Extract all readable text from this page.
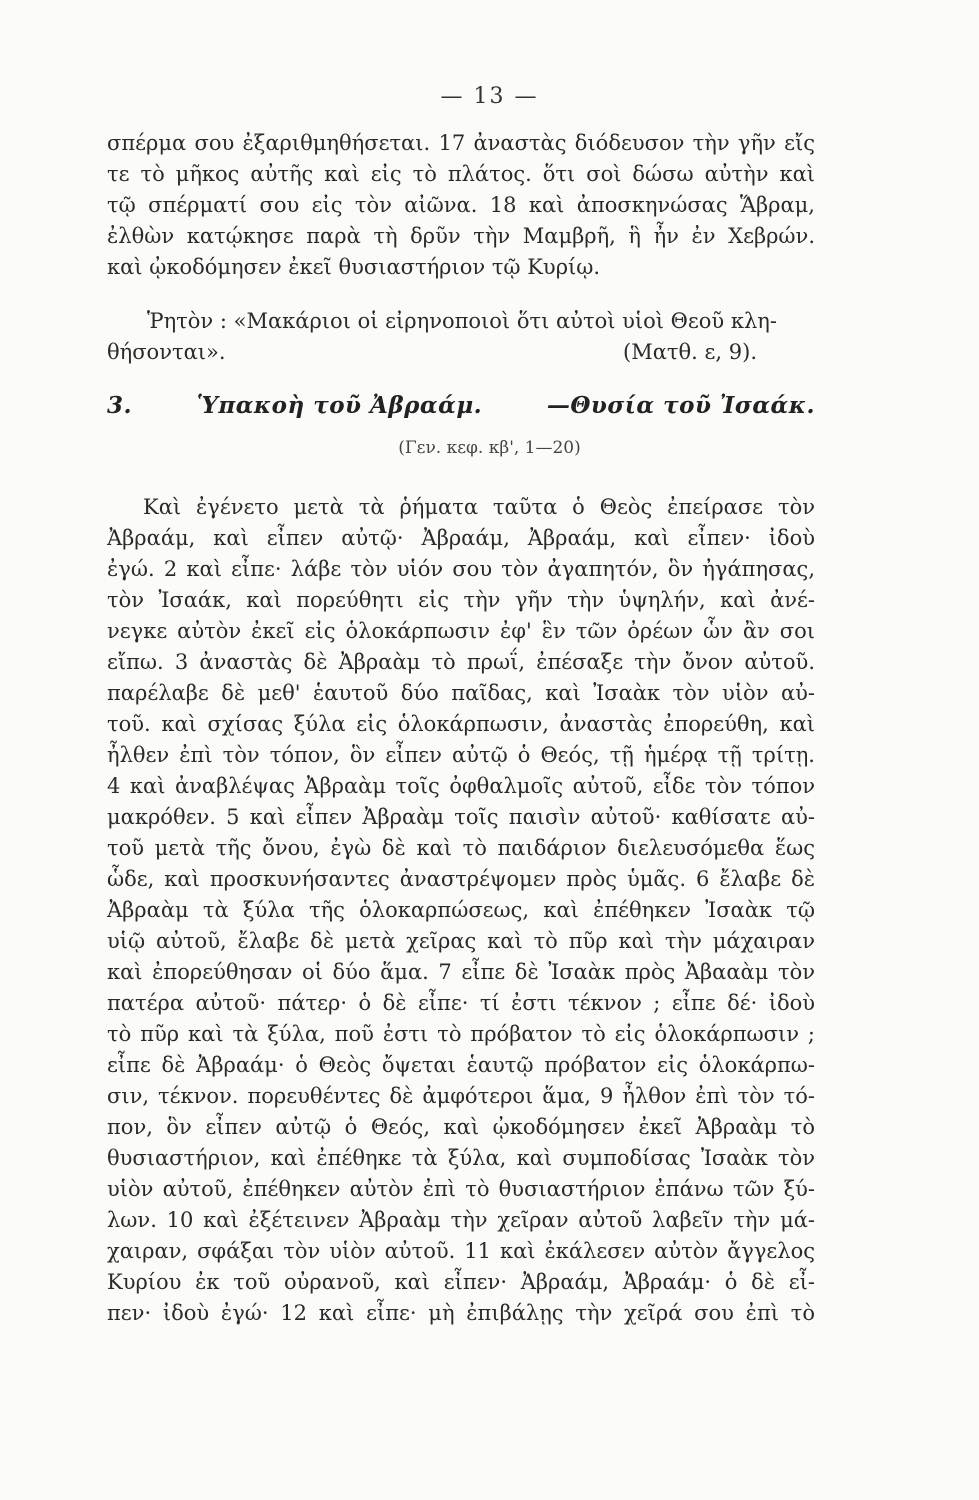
— 13 —
σπέρμα σου ἐξαριθμηθήσεται. 17 ἀναστὰς διόδευσον τὴν γῆν εἴς
τε τὸ μῆκος αὐτῆς καὶ εἰς τὸ πλάτος. ὅτι σοὶ δώσω αὐτὴν καὶ
τῷ σπέρματί σου εἰς τὸν αἰῶνα. 18 καὶ ἀποσκηνώσας Ἅβραμ,
ἐλθὼν κατῴκησε παρὰ τὴ δρῦν τὴν Μαμβρῆ, ἣ ἦν ἐν Χεβρών.
καὶ ᾠκοδόμησεν ἐκεῖ θυσιαστήριον τῷ Κυρίῳ.
Ῥητὸν : «Μακάριοι οἱ εἰρηνοποιοὶ ὅτι αὐτοὶ υἱοὶ Θεοῦ κλη-
θήσονται».	(Ματθ. ε, 9).
3.	Ὑπακοὴ τοῦ Ἀβραάμ.	—Θυσία τοῦ Ἰσαάκ.
(Γεν. κεφ. κβ', 1—20)
Καὶ ἐγένετο μετὰ τὰ ῥήματα ταῦτα ὁ Θεὸς ἐπείρασε τὸν
Ἀβραάμ, καὶ εἶπεν αὐτῷ· Ἀβραάμ, Ἀβραάμ, καὶ εἶπεν· ἰδοὺ
ἐγώ. 2 καὶ εἶπε· λάβε τὸν υἱόν σου τὸν ἀγαπητόν, ὃν ἠγάπησας,
τὸν Ἰσαάκ, καὶ πορεύθητι εἰς τὴν γῆν τὴν ὑψηλήν, καὶ ἀνέ-
νεγκε αὐτὸν ἐκεῖ εἰς ὁλοκάρπωσιν ἐφ' ἓν τῶν ὀρέων ὧν ἂν σοι
εἴπω. 3 ἀναστὰς δὲ Ἀβραὰμ τὸ πρωΐ, ἐπέσαξε τὴν ὄνον αὐτοῦ.
παρέλαβε δὲ μεθ' ἑαυτοῦ δύο παῖδας, καὶ Ἰσαὰκ τὸν υἱὸν αὐ-
τοῦ. καὶ σχίσας ξύλα εἰς ὁλοκάρπωσιν, ἀναστὰς ἐπορεύθη, καὶ
ἦλθεν ἐπὶ τὸν τόπον, ὃν εἶπεν αὐτῷ ὁ Θεός, τῇ ἡμέρᾳ τῇ τρίτῃ.
4 καὶ ἀναβλέψας Ἀβραὰμ τοῖς ὀφθαλμοῖς αὐτοῦ, εἶδε τὸν τόπον
μακρόθεν. 5 καὶ εἶπεν Ἀβραὰμ τοῖς παισὶν αὐτοῦ· καθίσατε αὐ-
τοῦ μετὰ τῆς ὄνου, ἐγὼ δὲ καὶ τὸ παιδάριον διελευσόμεθα ἕως
ὧδε, καὶ προσκυνήσαντες ἀναστρέψομεν πρὸς ὑμᾶς. 6 ἔλαβε δὲ
Ἀβραὰμ τὰ ξύλα τῆς ὁλοκαρπώσεως, καὶ ἐπέθηκεν Ἰσαὰκ τῷ
υἱῷ αὐτοῦ, ἔλαβε δὲ μετὰ χεῖρας καὶ τὸ πῦρ καὶ τὴν μάχαιραν
καὶ ἐπορεύθησαν οἱ δύο ἅμα. 7 εἶπε δὲ Ἰσαὰκ πρὸς Ἀβααὰμ τὸν
πατέρα αὐτοῦ· πάτερ· ὁ δὲ εἶπε· τί ἐστι τέκνον ; εἶπε δέ· ἰδοὺ
τὸ πῦρ καὶ τὰ ξύλα, ποῦ ἐστι τὸ πρόβατον τὸ εἰς ὁλοκάρπωσιν ;
εἶπε δὲ Ἀβραάμ· ὁ Θεὸς ὄψεται ἑαυτῷ πρόβατον εἰς ὁλοκάρπω-
σιν, τέκνον. πορευθέντες δὲ ἀμφότεροι ἅμα, 9 ἦλθον ἐπὶ τὸν τό-
πον, ὃν εἶπεν αὐτῷ ὁ Θεός, καὶ ᾠκοδόμησεν ἐκεῖ Ἀβραὰμ τὸ
θυσιαστήριον, καὶ ἐπέθηκε τὰ ξύλα, καὶ συμποδίσας Ἰσαὰκ τὸν
υἱὸν αὐτοῦ, ἐπέθηκεν αὐτὸν ἐπὶ τὸ θυσιαστήριον ἐπάνω τῶν ξύ-
λων. 10 καὶ ἐξέτεινεν Ἀβραὰμ τὴν χεῖραν αὐτοῦ λαβεῖν τὴν μά-
χαιραν, σφάξαι τὸν υἱὸν αὐτοῦ. 11 καὶ ἐκάλεσεν αὐτὸν ἄγγελος
Κυρίου ἐκ τοῦ οὐρανοῦ, καὶ εἶπεν· Ἀβραάμ, Ἀβραάμ· ὁ δὲ εἶ-
πεν· ἰδοὺ ἐγώ· 12 καὶ εἶπε· μὴ ἐπιβάλῃς τὴν χεῖρά σου ἐπὶ τὸ
